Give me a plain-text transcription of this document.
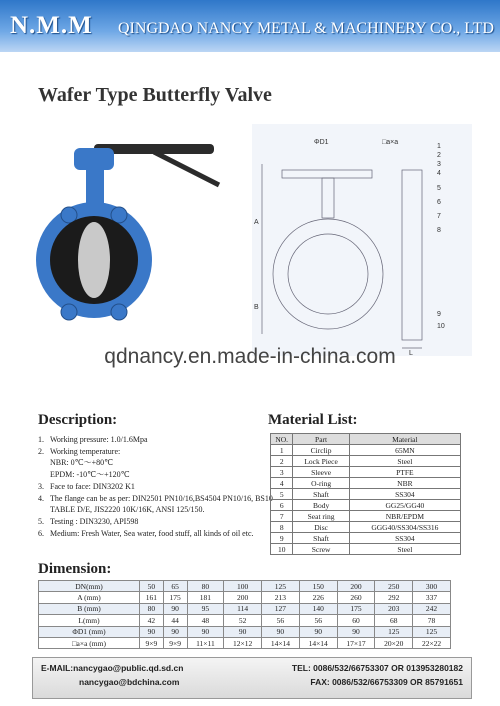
N.M.M QINGDAO NANCY METAL & MACHINERY CO., LTD
Wafer Type Butterfly Valve
ΦD1	□a×a
A
B
L
1
2
3
4
5
6
7
8
9
10
qdnancy.en.made-in-china.com
Description:
1. Working pressure: 1.0/1.6Mpa
2. Working temperature:
NBR: 0℃～+80℃
EPDM: -10℃～+120℃
3. Face to face: DIN3202 K1
4. The flange can be as per: DIN2501 PN10/16,BS4504 PN10/16, BS10 TABLE D/E, JIS2220 10K/16K, ANSI 125/150.
5. Testing : DIN3230, API598
6. Medium: Fresh Water, Sea water, food stuff, all kinds of oil etc.
Material List:
NO.	Part	Material
1	Circlip	65MN
2	Lock Piece	Steel
3	Sleeve	PTFE
4	O-ring	NBR
5	Shaft	SS304
6	Body	GG25/GG40
7	Seat ring	NBR/EPDM
8	Disc	GGG40/SS304/SS316
9	Shaft	SS304
10	Screw	Steel
Dimension:
DN(mm)	50	65	80	100	125	150	200	250	300
A (mm)	161	175	181	200	213	226	260	292	337
B (mm)	80	90	95	114	127	140	175	203	242
L(mm)	42	44	48	52	56	56	60	68	78
ΦD1 (mm)	90	90	90	90	90	90	90	125	125
□a×a (mm)	9×9	9×9	11×11	12×12	14×14	14×14	17×17	20×20	22×22
E-MAIL:nancygao@public.qd.sd.cn
nancygao@bdchina.com
TEL: 0086/532/66753307 OR 013953280182
FAX: 0086/532/66753309 OR 85791651
